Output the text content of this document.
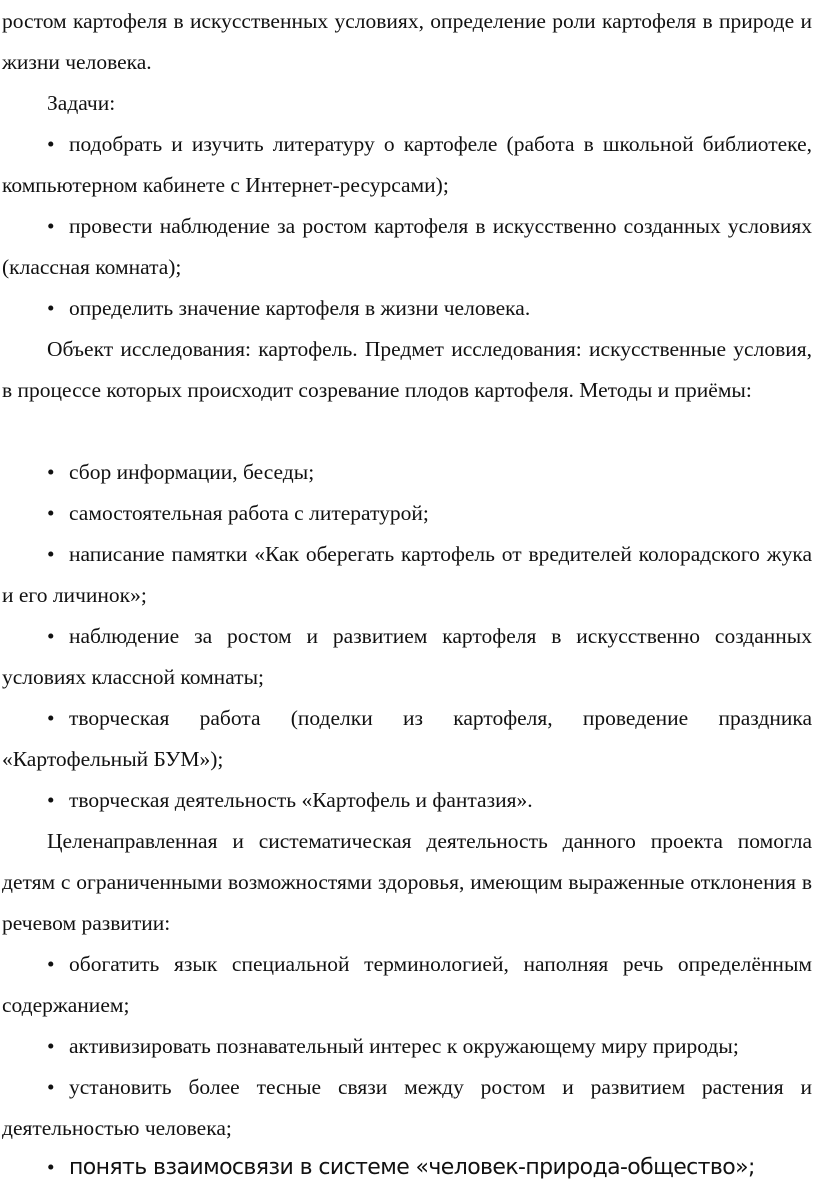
ростом картофеля в искусственных условиях, определение роли картофеля в природе и жизни человека.
Задачи:
• подобрать и изучить литературу о картофеле (работа в школьной библиотеке, компьютерном кабинете с Интернет-ресурсами);
• провести наблюдение за ростом картофеля в искусственно созданных условиях (классная комната);
• определить значение картофеля в жизни человека.
Объект исследования: картофель. Предмет исследования: искусственные условия, в процессе которых происходит созревание плодов картофеля. Методы и приёмы:
• сбор информации, беседы;
• самостоятельная работа с литературой;
• написание памятки «Как оберегать картофель от вредителей колорадского жука и его личинок»;
• наблюдение за ростом и развитием картофеля в искусственно созданных условиях классной комнаты;
• творческая работа (поделки из картофеля, проведение праздника «Картофельный БУМ»);
• творческая деятельность «Картофель и фантазия».
Целенаправленная и систематическая деятельность данного проекта помогла детям с ограниченными возможностями здоровья, имеющим выраженные отклонения в речевом развитии:
• обогатить язык специальной терминологией, наполняя речь определённым содержанием;
• активизировать познавательный интерес к окружающему миру природы;
• установить более тесные связи между ростом и развитием растения и деятельностью человека;
• понять взаимосвязи в системе «человек-природа-общество»;
